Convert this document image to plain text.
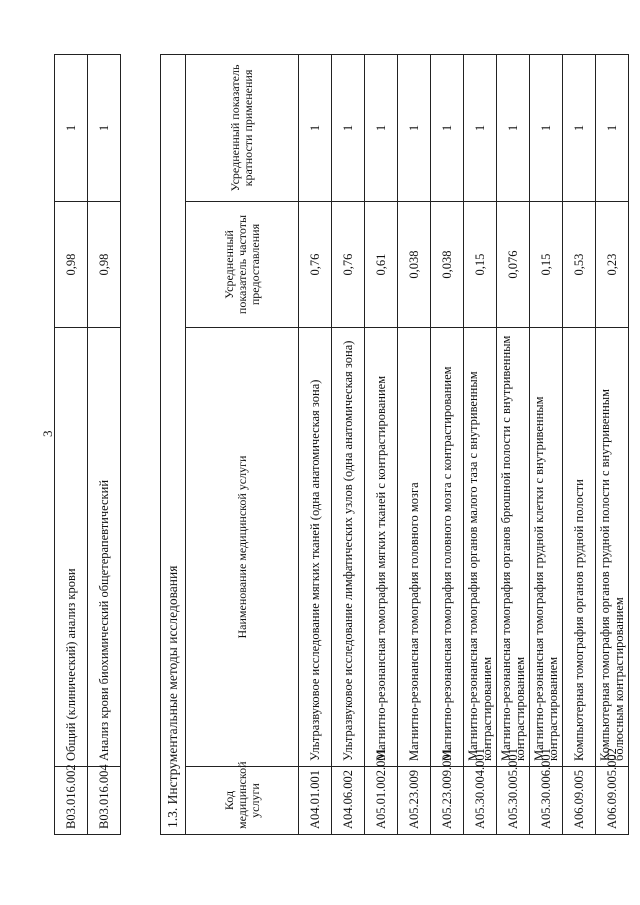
3
B03.016.002	Общий (клинический) анализ крови	0,98	1
B03.016.004	Анализ крови биохимический общетерапевтический	0,98	1
1.3. Инструментальные методы исследования			
Код медицинской услуги	Наименование медицинской услуги	Усредненный показатель частоты предоставления	Усредненный показатель кратности применения
A04.01.001	Ультразвуковое исследование мягких тканей (одна анатомическая зона)	0,76	1
A04.06.002	Ультразвуковое исследование лимфатических узлов (одна анатомическая зона)	0,76	1
A05.01.002.001	Магнитно-резонансная томография мягких тканей с контрастированием	0,61	1
A05.23.009	Магнитно-резонансная томография головного мозга	0,038	1
A05.23.009.001	Магнитно-резонансная томография головного мозга с контрастированием	0,038	1
A05.30.004.001	Магнитно-резонансная томография органов малого таза с внутривенным контрастированием	0,15	1
A05.30.005.001	Магнитно-резонансная томография органов брюшной полости с внутривенным контрастированием	0,076	1
A05.30.006.001	Магнитно-резонансная томография грудной клетки с внутривенным контрастированием	0,15	1
A06.09.005	Компьютерная томография органов грудной полости	0,53	1
A06.09.005.002	Компьютерная томография органов грудной полости с внутривенным болюсным контрастированием	0,23	1
